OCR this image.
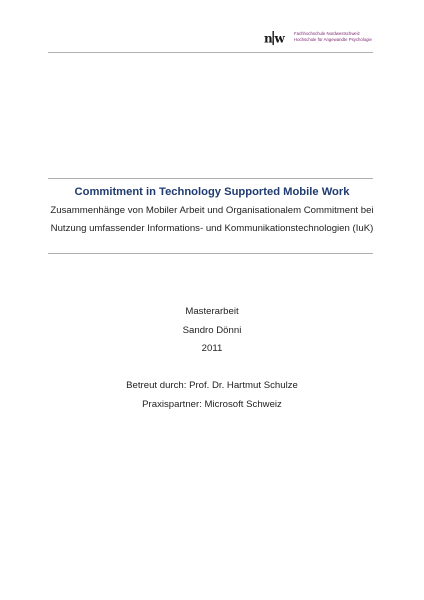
n w Fachhochschule Nordwestschweiz
Hochschule für Angewandte Psychologie

Commitment in Technology Supported Mobile Work

Zusammenhänge von Mobiler Arbeit und Organisationalem Commitment bei
Nutzung umfassender Informations- und Kommunikationstechnologien (IuK)

Masterarbeit
Sandro Dönni
2011
Betreut durch: Prof. Dr. Hartmut Schulze
Praxispartner: Microsoft Schweiz
